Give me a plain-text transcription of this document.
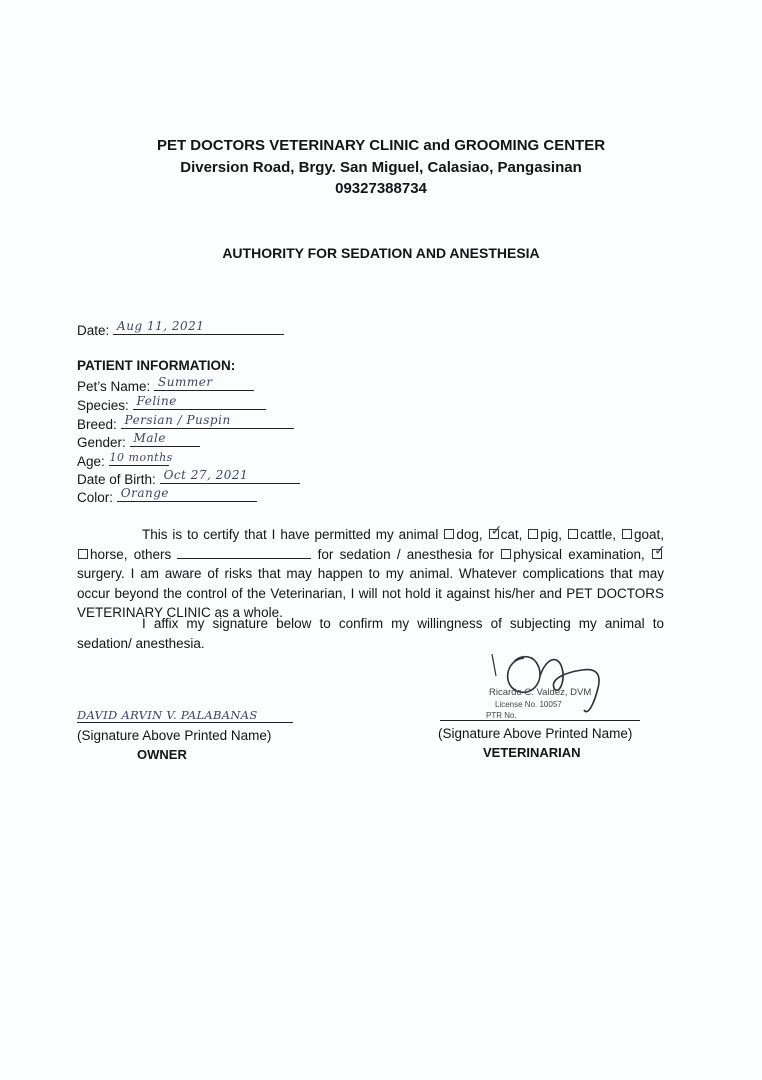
PET DOCTORS VETERINARY CLINIC and GROOMING CENTER
Diversion Road, Brgy. San Miguel, Calasiao, Pangasinan
09327388734
AUTHORITY FOR SEDATION AND ANESTHESIA
Date: Aug 11, 2021
PATIENT INFORMATION:
Pet’s Name: Summer
Species: Feline
Breed: Persian / Puspin
Gender: Male
Age: 10 months
Date of Birth: Oct 27, 2021
Color: Orange
This is to certify that I have permitted my animal dog, ✓ cat, pig, cattle, goat, horse, others	for sedation / anesthesia for physical examination, ✓surgery. I am aware of risks that may happen to my animal. Whatever complications that may occur beyond the control of the Veterinarian, I will not hold it against his/her and PET DOCTORS VETERINARY CLINIC as a whole.
I affix my signature below to confirm my willingness of subjecting my animal to sedation/ anesthesia.
DAVID ARVIN V. PALABANAS
(Signature Above Printed Name)
OWNER
Ricardo C. Valdez, DVM
License No. 10057
PTR No.
(Signature Above Printed Name)
VETERINARIAN
